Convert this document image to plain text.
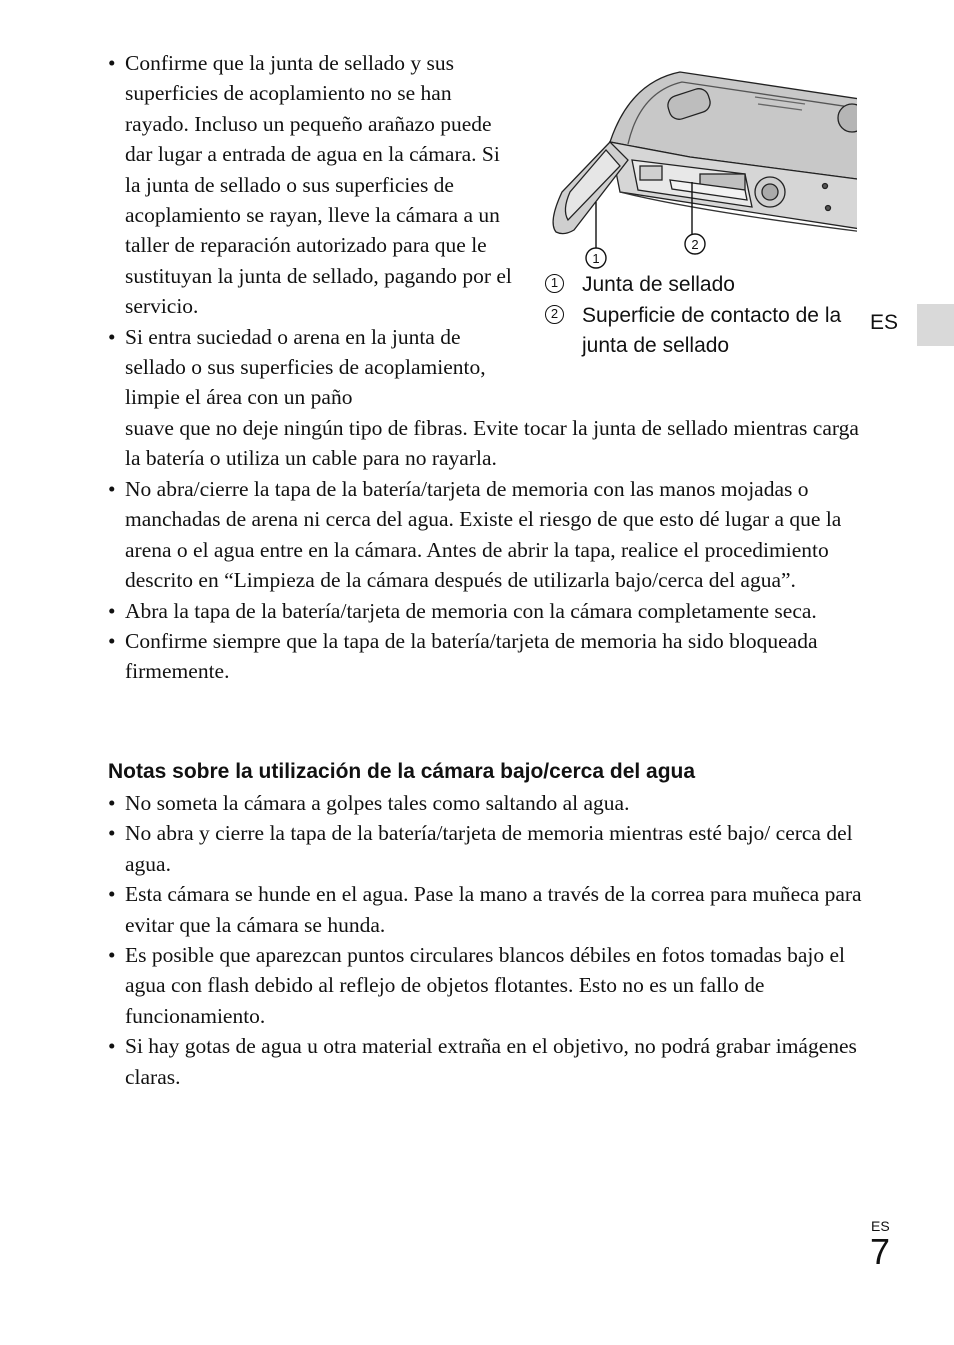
ES
• Confirme que la junta de sellado y sus superficies de acoplamiento no se han rayado. Incluso un pequeño arañazo puede dar lugar a entrada de agua en la cámara. Si la junta de sellado o sus superficies de acoplamiento se rayan, lleve la cámara a un taller de reparación autorizado para que le sustituyan la junta de sellado, pagando por el servicio.
• Si entra suciedad o arena en la junta de sellado o sus superficies de acoplamiento, limpie el área con un paño
suave que no deje ningún tipo de fibras. Evite tocar la junta de sellado mientras carga la batería o utiliza un cable para no rayarla.
1
2
1 Junta de sellado
2 Superficie de contacto de la junta de sellado
• No abra/cierre la tapa de la batería/tarjeta de memoria con las manos mojadas o manchadas de arena ni cerca del agua. Existe el riesgo de que esto dé lugar a que la arena o el agua entre en la cámara. Antes de abrir la tapa, realice el procedimiento descrito en “Limpieza de la cámara después de utilizarla bajo/cerca del agua”.
• Abra la tapa de la batería/tarjeta de memoria con la cámara completamente seca.
• Confirme siempre que la tapa de la batería/tarjeta de memoria ha sido bloqueada firmemente.
Notas sobre la utilización de la cámara bajo/cerca del agua
• No someta la cámara a golpes tales como saltando al agua.
• No abra y cierre la tapa de la batería/tarjeta de memoria mientras esté bajo/ cerca del agua.
• Esta cámara se hunde en el agua. Pase la mano a través de la correa para muñeca para evitar que la cámara se hunda.
• Es posible que aparezcan puntos circulares blancos débiles en fotos tomadas bajo el agua con flash debido al reflejo de objetos flotantes. Esto no es un fallo de funcionamiento.
• Si hay gotas de agua u otra material extraña en el objetivo, no podrá grabar imágenes claras.
ES
7
